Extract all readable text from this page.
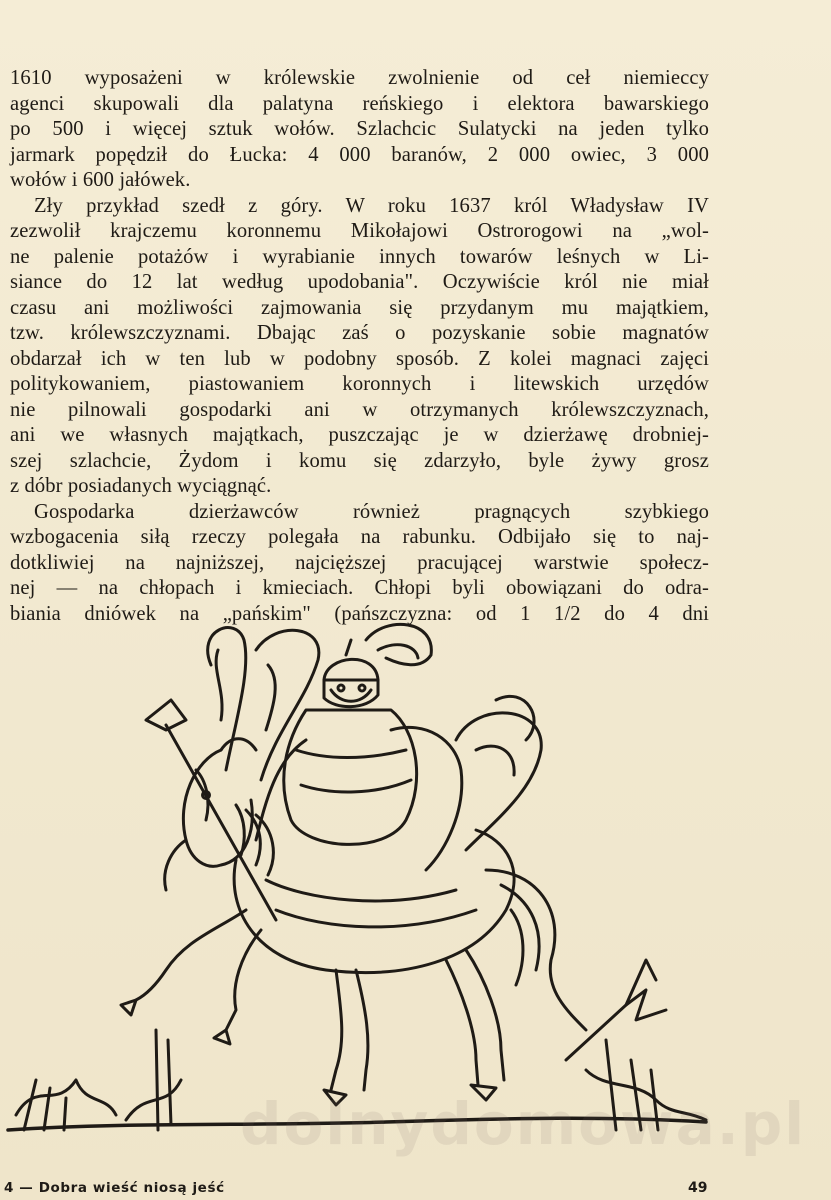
1610 wyposażeni w królewskie zwolnienie od ceł niemieccy
agenci skupowali dla palatyna reńskiego i elektora bawarskiego
po 500 i więcej sztuk wołów. Szlachcic Sulatycki na jeden tylko
jarmark popędził do Łucka: 4 000 baranów, 2 000 owiec, 3 000
wołów i 600 jałówek.
Zły przykład szedł z góry. W roku 1637 król Władysław IV
zezwolił krajczemu koronnemu Mikołajowi Ostrorogowi na „wol-
ne palenie potażów i wyrabianie innych towarów leśnych w Li-
siance do 12 lat według upodobania". Oczywiście król nie miał
czasu ani możliwości zajmowania się przydanym mu majątkiem,
tzw. królewszczyznami. Dbając zaś o pozyskanie sobie magnatów
obdarzał ich w ten lub w podobny sposób. Z kolei magnaci zajęci
politykowaniem, piastowaniem koronnych i litewskich urzędów
nie pilnowali gospodarki ani w otrzymanych królewszczyznach,
ani we własnych majątkach, puszczając je w dzierżawę drobniej-
szej szlachcie, Żydom i komu się zdarzyło, byle żywy grosz
z dóbr posiadanych wyciągnąć.
Gospodarka dzierżawców również pragnących szybkiego
wzbogacenia siłą rzeczy polegała na rabunku. Odbijało się to naj-
dotkliwiej na najniższej, najcięższej pracującej warstwie społecz-
nej — na chłopach i kmieciach. Chłopi byli obowiązani do odra-
biania dniówek na „pańskim" (pańszczyzna: od 1 1/2 do 4 dni
dolnydomowa.pl
4 — Dobra wieść niosą jeść	49
